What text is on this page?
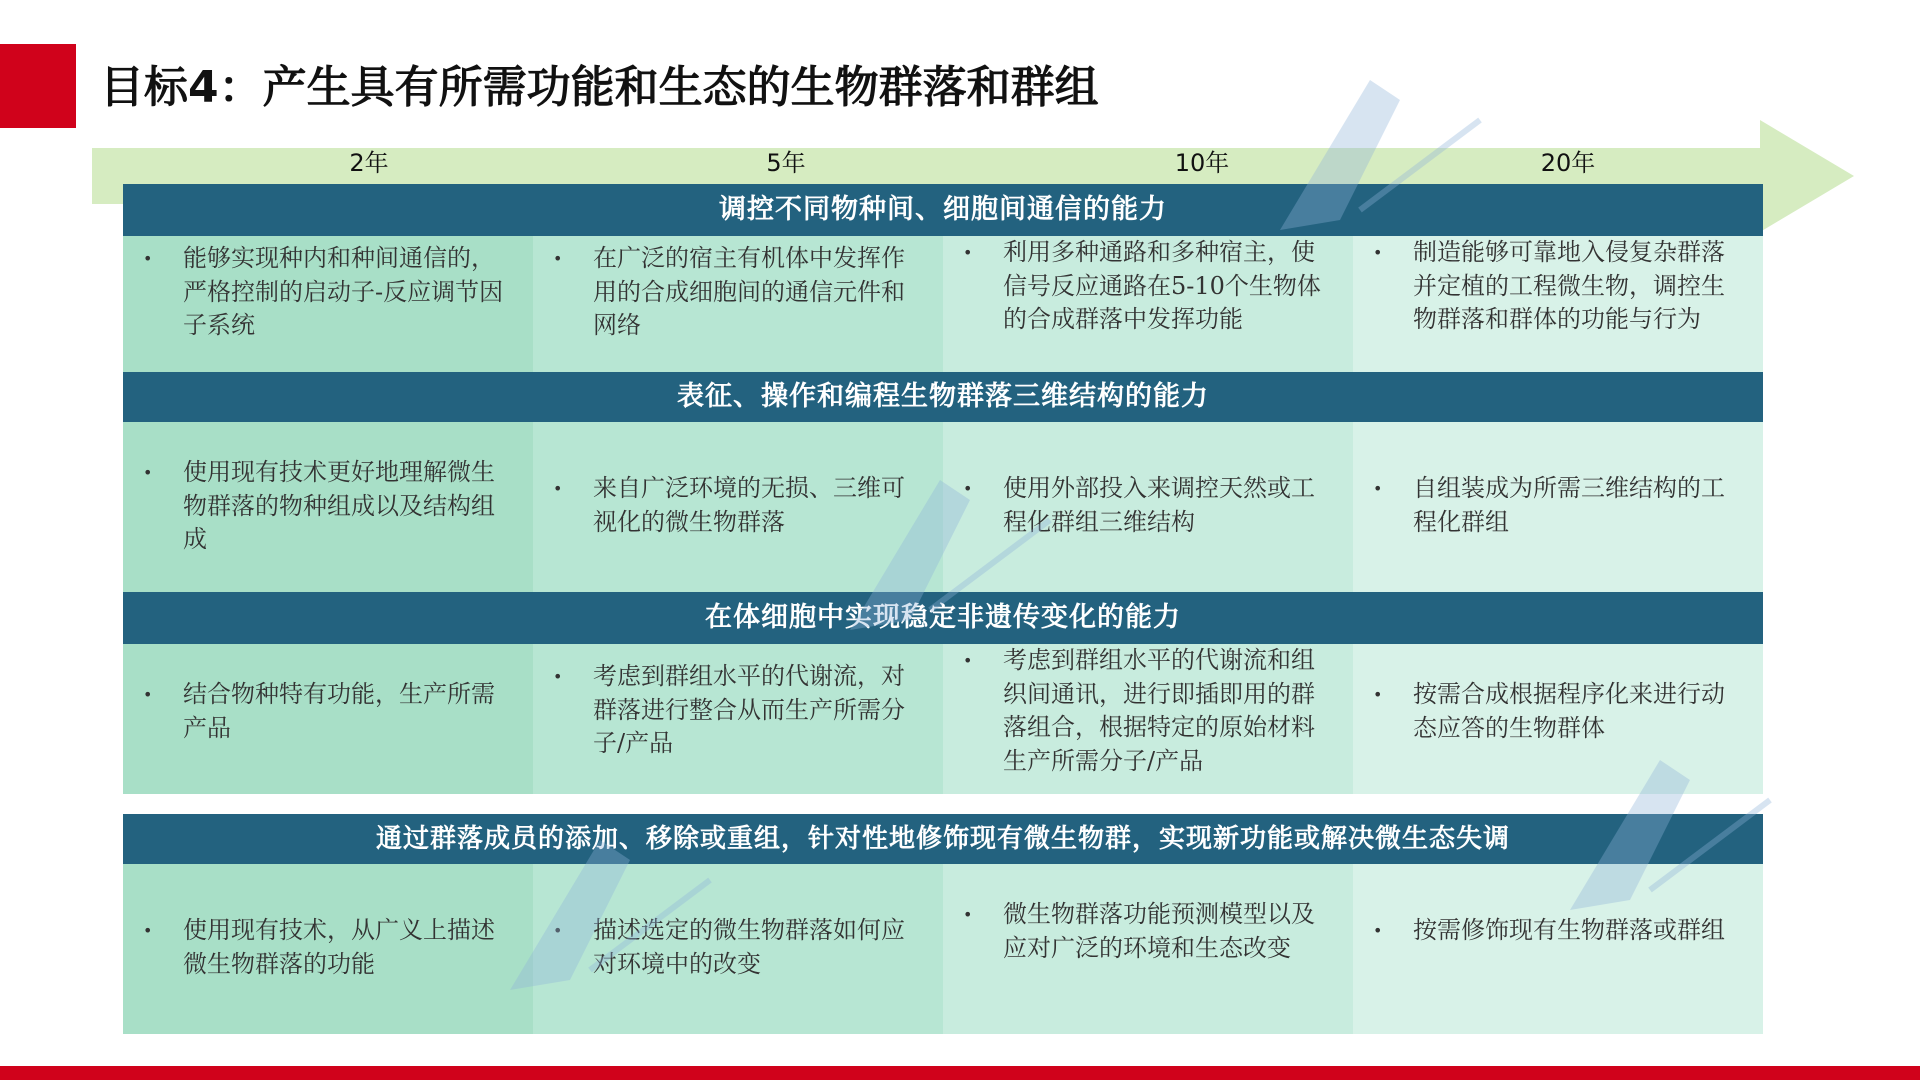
目标4：产生具有所需功能和生态的生物群落和群组
2年	5年	10年	20年
调控不同物种间、细胞间通信的能力
•	能够实现种内和种间通信的，严格控制的启动子-反应调节因子系统
•	在广泛的宿主有机体中发挥作用的合成细胞间的通信元件和网络
•	利用多种通路和多种宿主，使信号反应通路在5-10个生物体的合成群落中发挥功能
•	制造能够可靠地入侵复杂群落并定植的工程微生物，调控生物群落和群体的功能与行为
表征、操作和编程生物群落三维结构的能力
•	使用现有技术更好地理解微生物群落的物种组成以及结构组成
•	来自广泛环境的无损、三维可视化的微生物群落
•	使用外部投入来调控天然或工程化群组三维结构
•	自组装成为所需三维结构的工程化群组
在体细胞中实现稳定非遗传变化的能力
•	结合物种特有功能，生产所需产品
•	考虑到群组水平的代谢流，对群落进行整合从而生产所需分子/产品
•	考虑到群组水平的代谢流和组织间通讯，进行即插即用的群落组合，根据特定的原始材料生产所需分子/产品
•	按需合成根据程序化来进行动态应答的生物群体
通过群落成员的添加、移除或重组，针对性地修饰现有微生物群，实现新功能或解决微生态失调
•	使用现有技术，从广义上描述微生物群落的功能
•	描述选定的微生物群落如何应对环境中的改变
•	微生物群落功能预测模型以及应对广泛的环境和生态改变
•	按需修饰现有生物群落或群组
